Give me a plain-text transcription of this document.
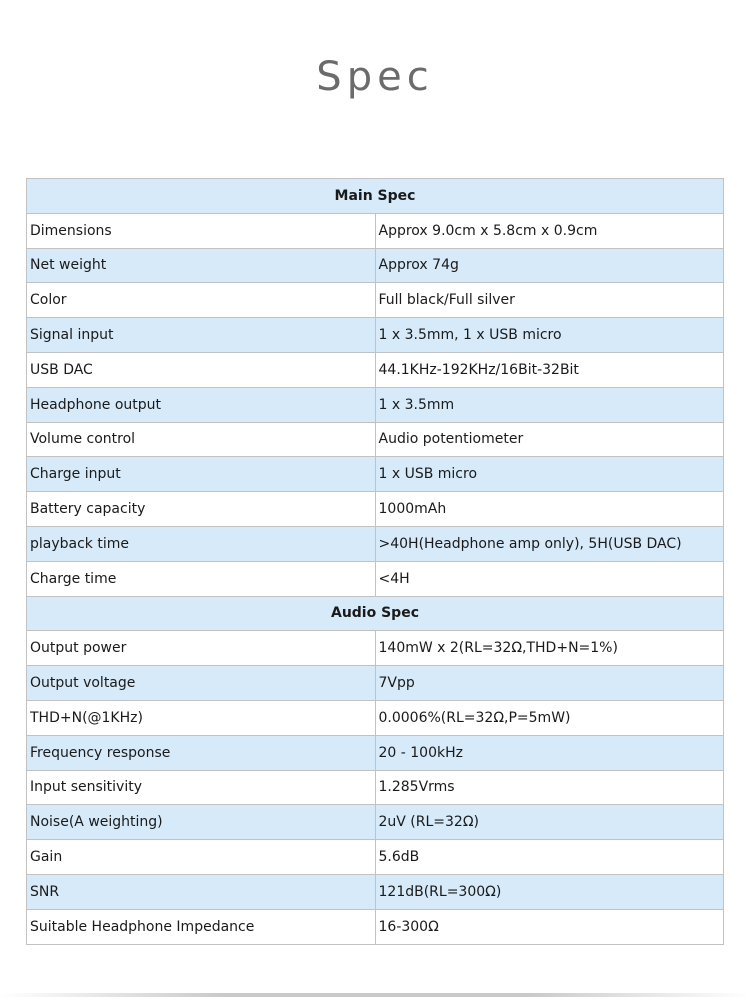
Spec
Main Spec	
Dimensions	Approx 9.0cm x 5.8cm x 0.9cm
Net weight	Approx 74g
Color	Full black/Full silver
Signal input	1 x 3.5mm, 1 x USB micro
USB DAC	44.1KHz-192KHz/16Bit-32Bit
Headphone output	1 x 3.5mm
Volume control	Audio potentiometer
Charge input	1 x USB micro
Battery capacity	1000mAh
playback time	>40H(Headphone amp only), 5H(USB DAC)
Charge time	<4H
Audio Spec	
Output power	140mW x 2(RL=32Ω,THD+N=1%)
Output voltage	7Vpp
THD+N(@1KHz)	0.0006%(RL=32Ω,P=5mW)
Frequency response	20 - 100kHz
Input sensitivity	1.285Vrms
Noise(A weighting)	2uV (RL=32Ω)
Gain	5.6dB
SNR	121dB(RL=300Ω)
Suitable Headphone Impedance	16-300Ω
